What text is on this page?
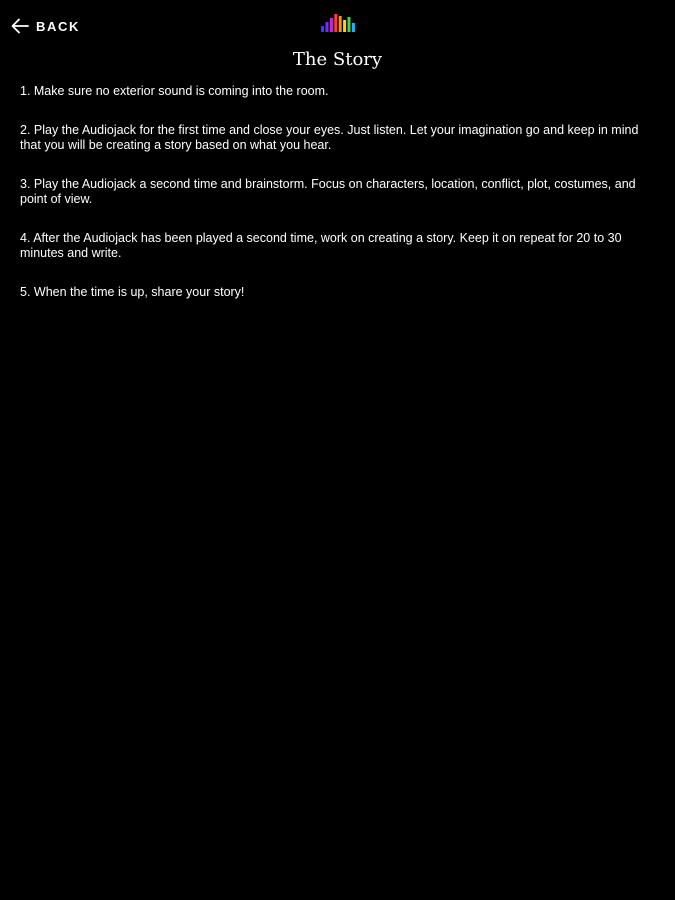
BACK
The Story
1. Make sure no exterior sound is coming into the room.
2. Play the Audiojack for the first time and close your eyes. Just listen. Let your imagination go and keep in mind that you will be creating a story based on what you hear.
3. Play the Audiojack a second time and brainstorm. Focus on characters, location, conflict, plot, costumes, and point of view.
4. After the Audiojack has been played a second time, work on creating a story. Keep it on repeat for 20 to 30 minutes and write.
5. When the time is up, share your story!
